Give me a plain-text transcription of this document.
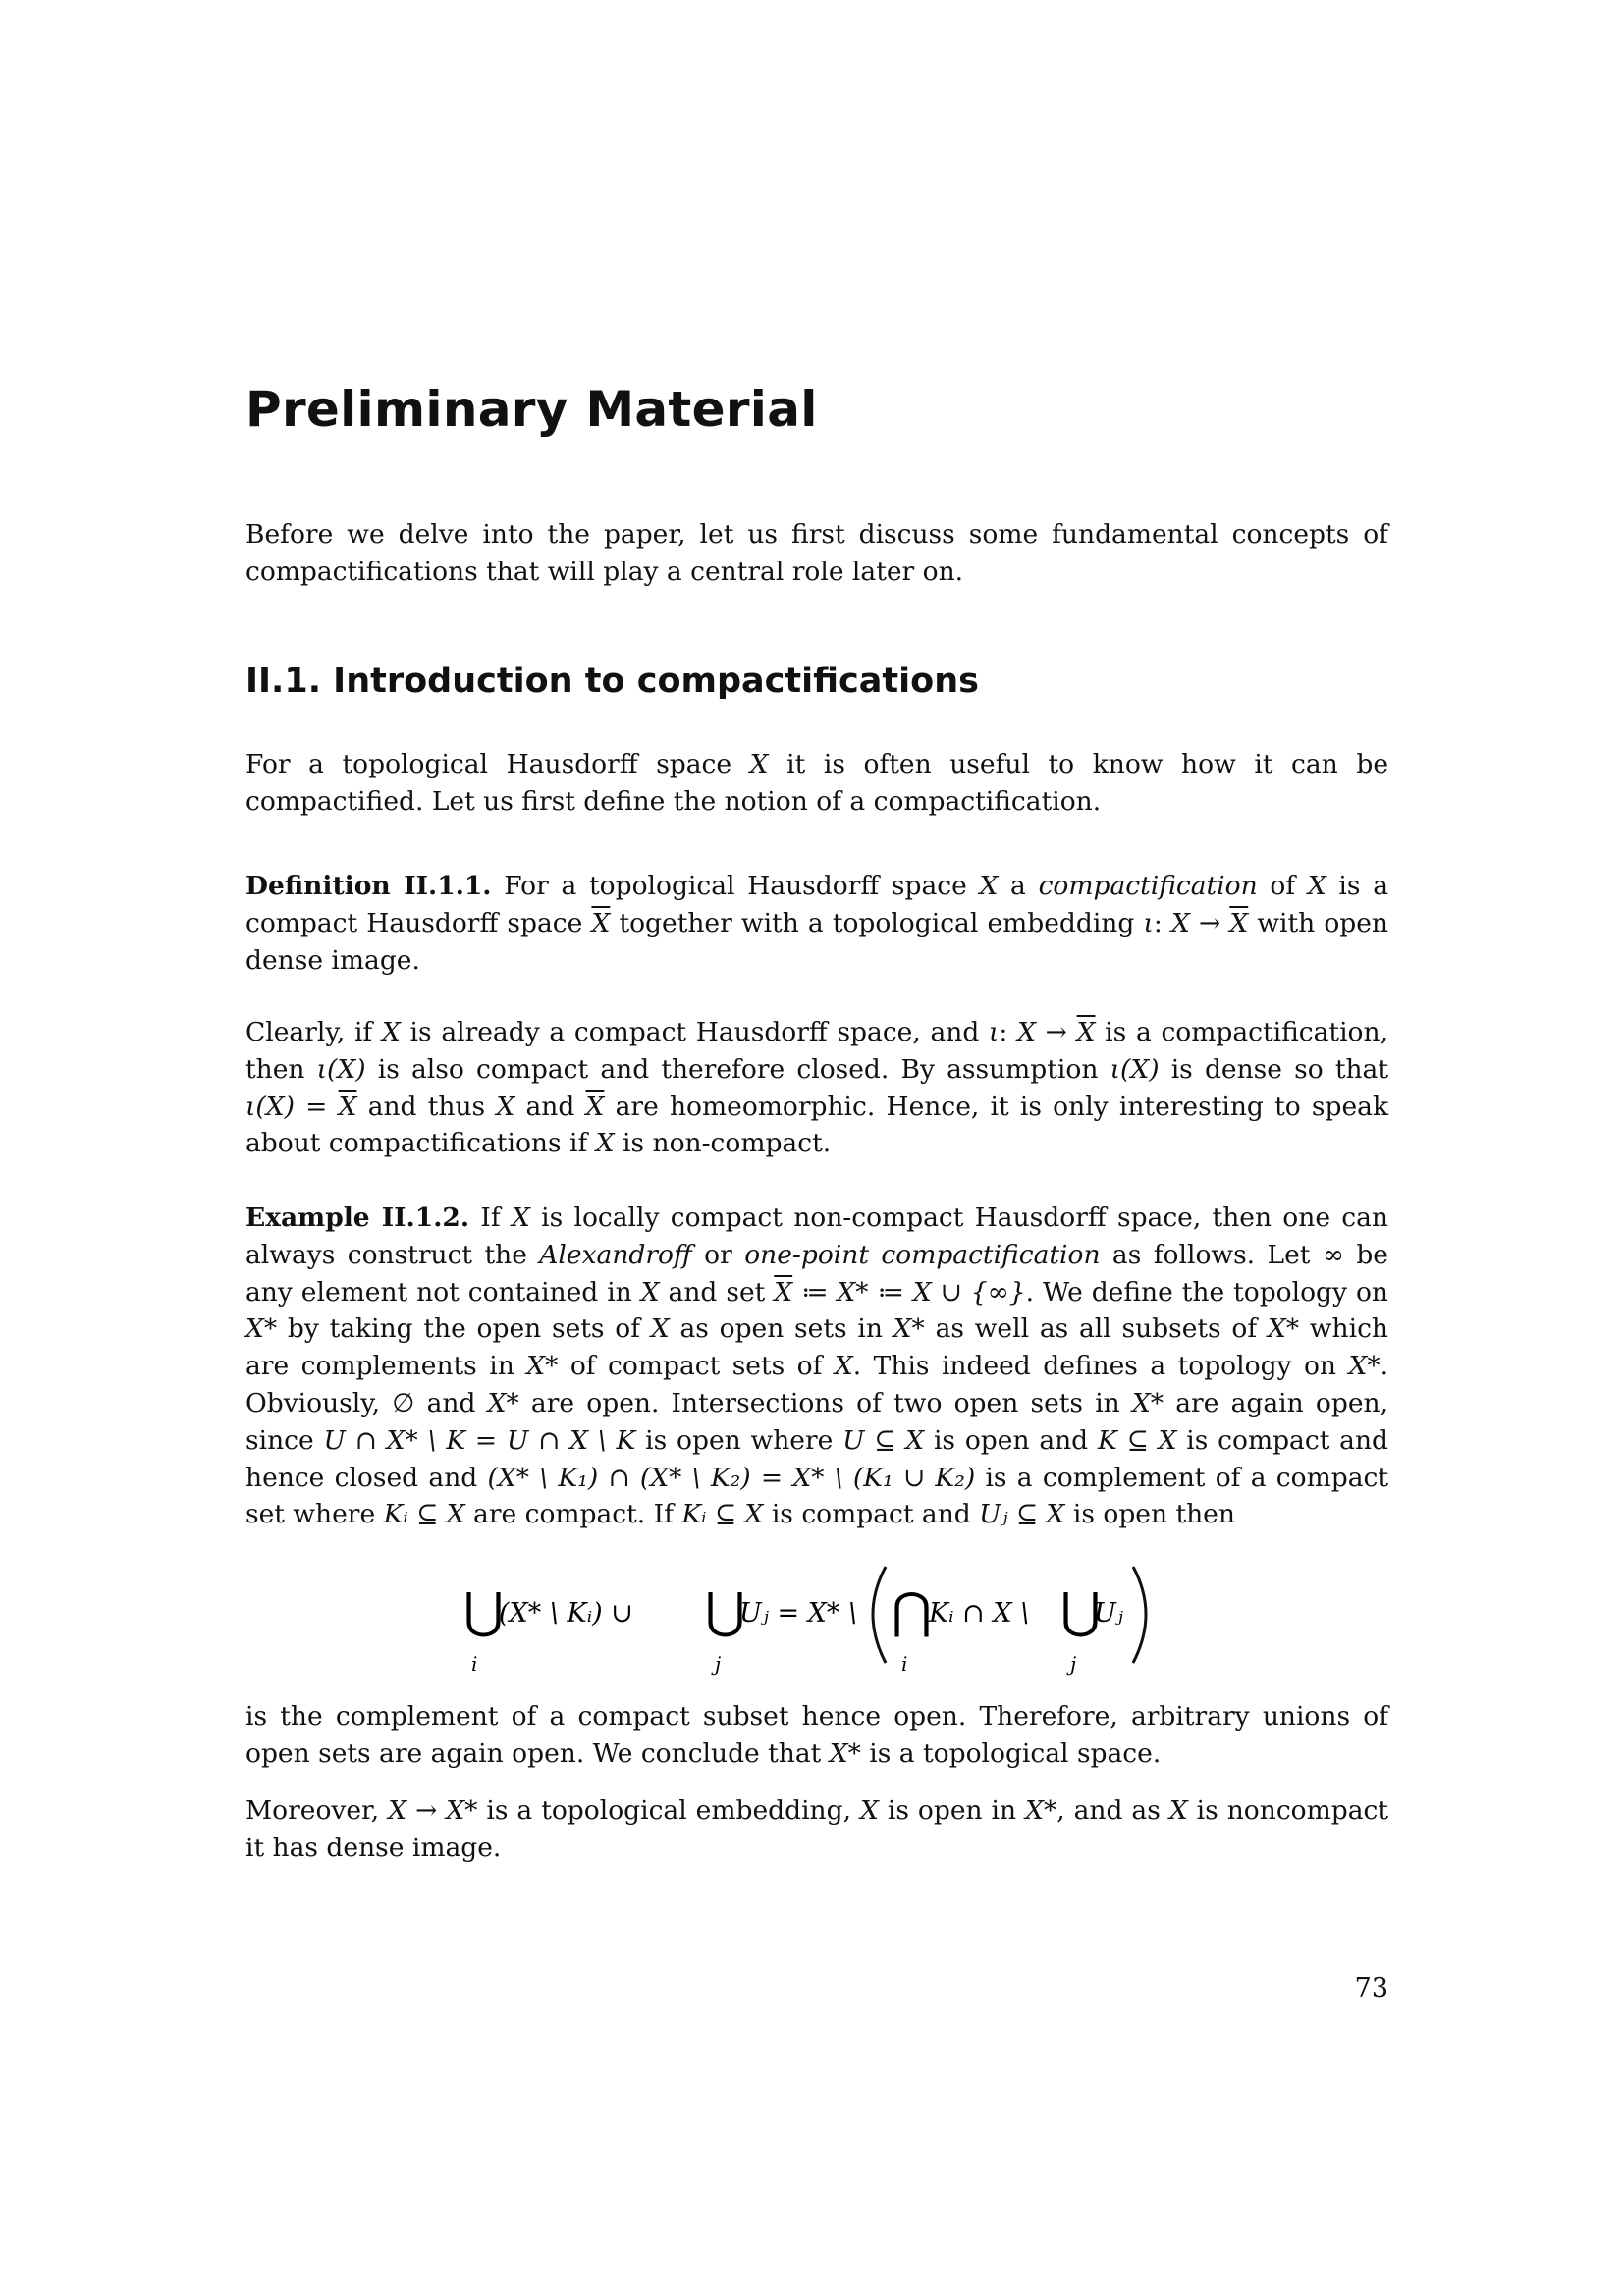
Preliminary Material

Before we delve into the paper, let us first discuss some fundamental concepts of compactifications that will play a central role later on.

II.1. Introduction to compactifications

For a topological Hausdorff space X it is often useful to know how it can be compactified. Let us first define the notion of a compactification.

Definition II.1.1. For a topological Hausdorff space X a compactification of X is a compact Hausdorff space $\overline{X}$ together with a topological embedding ι: $X \to \overline{X}$ with open dense image.

Clearly, if X is already a compact Hausdorff space, and ι: $X \to \overline{X}$ is a compactification, then ι(X) is also compact and therefore closed. By assumption ι(X) is dense so that $\iota(X) = \overline{X}$ and thus X and $\overline{X}$ are homeomorphic. Hence, it is only interesting to speak about compactifications if X is non-compact.

Example II.1.2. If X is locally compact non-compact Hausdorff space, then one can always construct the Alexandroff or one-point compactification as follows. Let ∞ be any element not contained in X and set $\overline{X}$ ≔ X* ≔ X ∪ {∞}. We define the topology on X* by taking the open sets of X as open sets in X* as well as all subsets of X* which are complements in X* of compact sets of X. This indeed defines a topology on X*. Obviously, ∅ and X* are open. Intersections of two open sets in X* are again open, since U ∩ X* \ K = U ∩ X \ K is open where U ⊆ X is open and K ⊆ X is compact and hence closed and (X* \ K₁) ∩ (X* \ K₂) = X* \ (K₁ ∪ K₂) is a complement of a compact set where Kᵢ ⊆ X are compact. If Kᵢ ⊆ X is compact and Uⱼ ⊆ X is open then

⋃
i
(X* \ Kᵢ) ∪ ⋃
j
Uⱼ = X* \ ⋂
i
Kᵢ ∩ X \ ⋃
j
Uⱼ

is the complement of a compact subset hence open. Therefore, arbitrary unions of open sets are again open. We conclude that X* is a topological space.

Moreover, X → X* is a topological embedding, X is open in X*, and as X is noncompact it has dense image.

73
